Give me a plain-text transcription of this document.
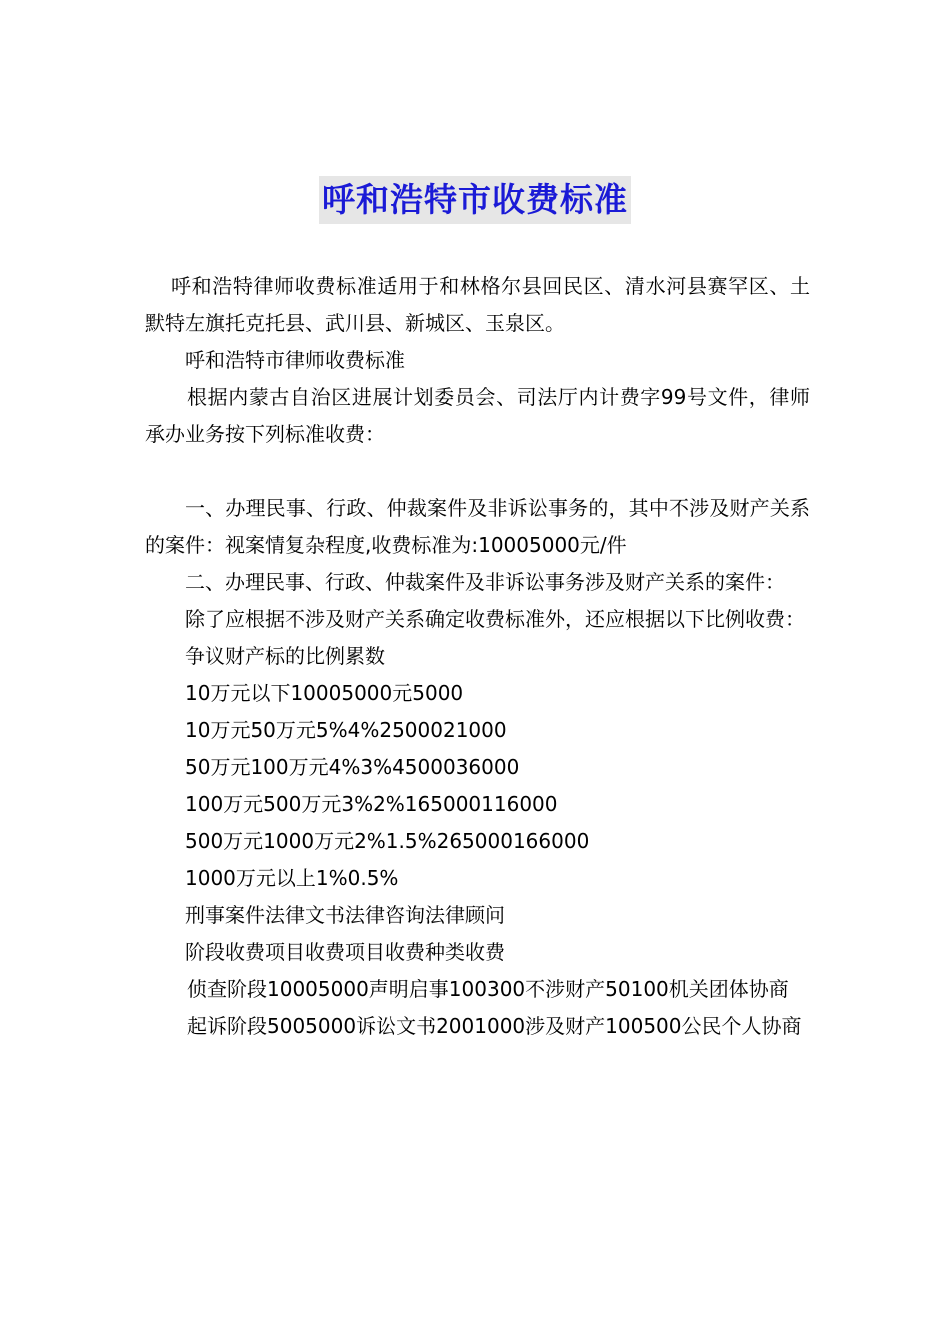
呼和浩特市收费标准

呼和浩特律师收费标准适用于和林格尔县回民区、清水河县赛罕区、土默特左旗托克托县、武川县、新城区、玉泉区。

呼和浩特市律师收费标准

根据内蒙古自治区进展计划委员会、司法厅内计费字99号文件，律师承办业务按下列标准收费：

一、办理民事、行政、仲裁案件及非诉讼事务的，其中不涉及财产关系的案件：视案情复杂程度,收费标准为:10005000元/件

二、办理民事、行政、仲裁案件及非诉讼事务涉及财产关系的案件：

除了应根据不涉及财产关系确定收费标准外，还应根据以下比例收费：

争议财产标的比例累数

10万元以下10005000元5000

10万元50万元5%4%2500021000

50万元100万元4%3%4500036000

100万元500万元3%2%165000116000

500万元1000万元2%1.5%265000166000

1000万元以上1%0.5%

刑事案件法律文书法律咨询法律顾问

阶段收费项目收费项目收费种类收费

侦查阶段10005000声明启事100300不涉财产50100机关团体协商

起诉阶段5005000诉讼文书2001000涉及财产100500公民个人协商
